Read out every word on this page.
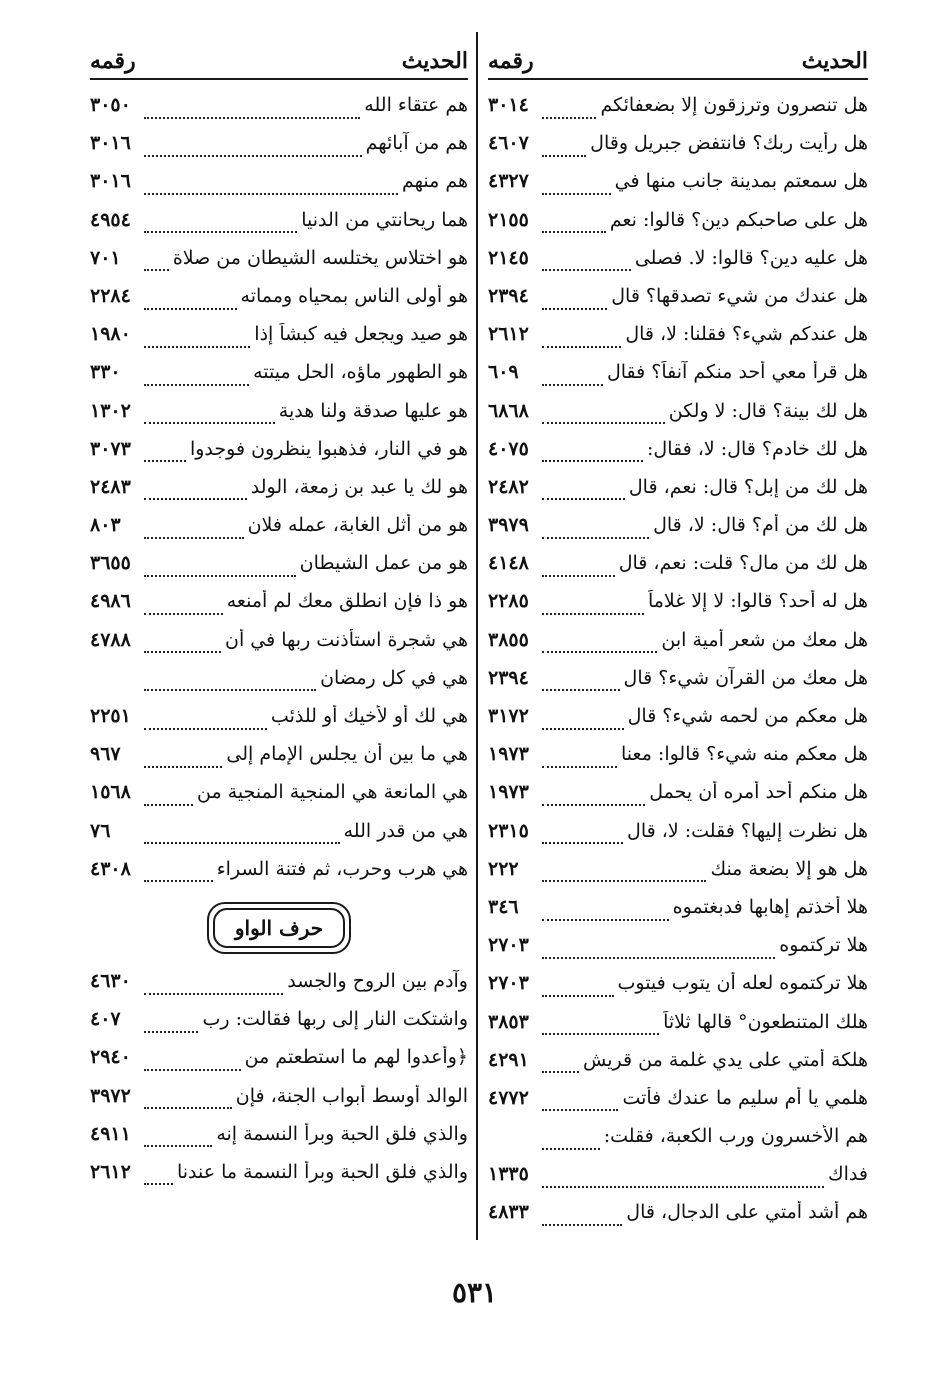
الحديث
رقمه
هل تنصرون وترزقون إلا بضعفائكم
٣٠١٤
هل رأيت ربك؟ فانتفض جبريل وقال
٤٦٠٧
هل سمعتم بمدينة جانب منها في
٤٣٢٧
هل على صاحبكم دين؟ قالوا: نعم
٢١٥٥
هل عليه دين؟ قالوا: لا. فصلى
٢١٤٥
هل عندك من شيء تصدقها؟ قال
٢٣٩٤
هل عندكم شيء؟ فقلنا: لا، قال
٢٦١٢
هل قرأ معي أحد منكم آنفاً؟ فقال
٦٠٩
هل لك بينة؟ قال: لا ولكن
٦٨٦٨
هل لك خادم؟ قال: لا، فقال:
٤٠٧٥
هل لك من إبل؟ قال: نعم، قال
٢٤٨٢
هل لك من أم؟ قال: لا، قال
٣٩٧٩
هل لك من مال؟ قلت: نعم، قال
٤١٤٨
هل له أحد؟ قالوا: لا إلا غلاماً
٢٢٨٥
هل معك من شعر أمية ابن
٣٨٥٥
هل معك من القرآن شيء؟ قال
٢٣٩٤
هل معكم من لحمه شيء؟ قال
٣١٧٢
هل معكم منه شيء؟ قالوا: معنا
١٩٧٣
هل منكم أحد أمره أن يحمل
١٩٧٣
هل نظرت إليها؟ فقلت: لا، قال
٢٣١٥
هل هو إلا بضعة منك
٢٢٢
هلا أخذتم إهابها فدبغتموه
٣٤٦
هلا تركتموه
٢٧٠٣
هلا تركتموه لعله أن يتوب فيتوب
٢٧٠٣
هلك المتنطعون° قالها ثلاثاً
٣٨٥٣
هلكة أمتي على يدي غلمة من قريش
٤٢٩١
هلمي يا أم سليم ما عندك فأتت
٤٧٧٢
هم الأخسرون ورب الكعبة، فقلت:
فداك
١٣٣٥
هم أشد أمتي على الدجال، قال
٤٨٣٣
الحديث
رقمه
هم عتقاء الله
٣٠٥٠
هم من آبائهم
٣٠١٦
هم منهم
٣٠١٦
هما ريحانتي من الدنيا
٤٩٥٤
هو اختلاس يختلسه الشيطان من صلاة
٧٠١
هو أولى الناس بمحياه ومماته
٢٢٨٤
هو صيد ويجعل فيه كبشاً إذا
١٩٨٠
هو الطهور ماؤه، الحل ميتته
٣٣٠
هو عليها صدقة ولنا هدية
١٣٠٢
هو في النار، فذهبوا ينظرون فوجدوا
٣٠٧٣
هو لك يا عبد بن زمعة، الولد
٢٤٨٣
هو من أثل الغابة، عمله فلان
٨٠٣
هو من عمل الشيطان
٣٦٥٥
هو ذا فإن انطلق معك لم أمنعه
٤٩٨٦
هي شجرة استأذنت ربها في أن
٤٧٨٨
هي في كل رمضان
هي لك أو لأخيك أو للذئب
٢٢٥١
هي ما بين أن يجلس الإمام إلى
٩٦٧
هي المانعة هي المنجية المنجية من
١٥٦٨
هي من قدر الله
٧٦
هي هرب وحرب، ثم فتنة السراء
٤٣٠٨
حرف الواو
وآدم بين الروح والجسد
٤٦٣٠
واشتكت النار إلى ربها فقالت: رب
٤٠٧
﴿وأعدوا لهم ما استطعتم من
٢٩٤٠
الوالد أوسط أبواب الجنة، فإن
٣٩٧٢
والذي فلق الحبة وبرأ النسمة إنه
٤٩١١
والذي فلق الحبة وبرأ النسمة ما عندنا
٢٦١٢
٥٣١
